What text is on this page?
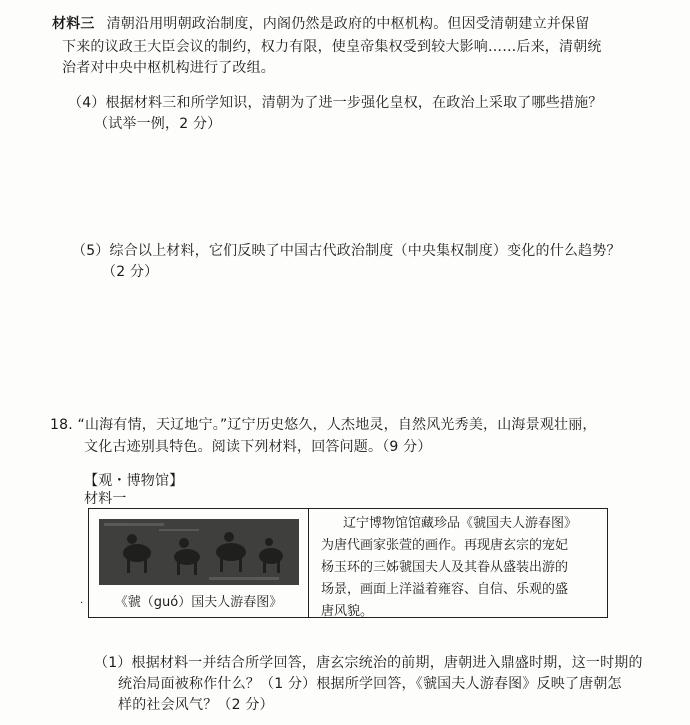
材料三 清朝沿用明朝政治制度，内阁仍然是政府的中枢机构。但因受清朝建立并保留
下来的议政王大臣会议的制约，权力有限，使皇帝集权受到较大影响……后来，清朝统
治者对中央中枢机构进行了改组。
（4）根据材料三和所学知识，清朝为了进一步强化皇权，在政治上采取了哪些措施？
（试举一例，2 分）
（5）综合以上材料，它们反映了中国古代政治制度（中央集权制度）变化的什么趋势？
（2 分）
18. “山海有情，天辽地宁。”辽宁历史悠久，人杰地灵，自然风光秀美，山海景观壮丽，
文化古迹别具特色。阅读下列材料，回答问题。（9 分）
【观・博物馆】
材料一
《虢（guó）国夫人游春图》
辽宁博物馆馆藏珍品《虢国夫人游春图》
为唐代画家张萱的画作。再现唐玄宗的宠妃
杨玉环的三姊虢国夫人及其眷从盛装出游的
场景，画面上洋溢着雍容、自信、乐观的盛
唐风貌。
·
（1）根据材料一并结合所学回答，唐玄宗统治的前期，唐朝进入鼎盛时期，这一时期的
统治局面被称作什么？（1 分）根据所学回答，《虢国夫人游春图》反映了唐朝怎
样的社会风气？（2 分）
